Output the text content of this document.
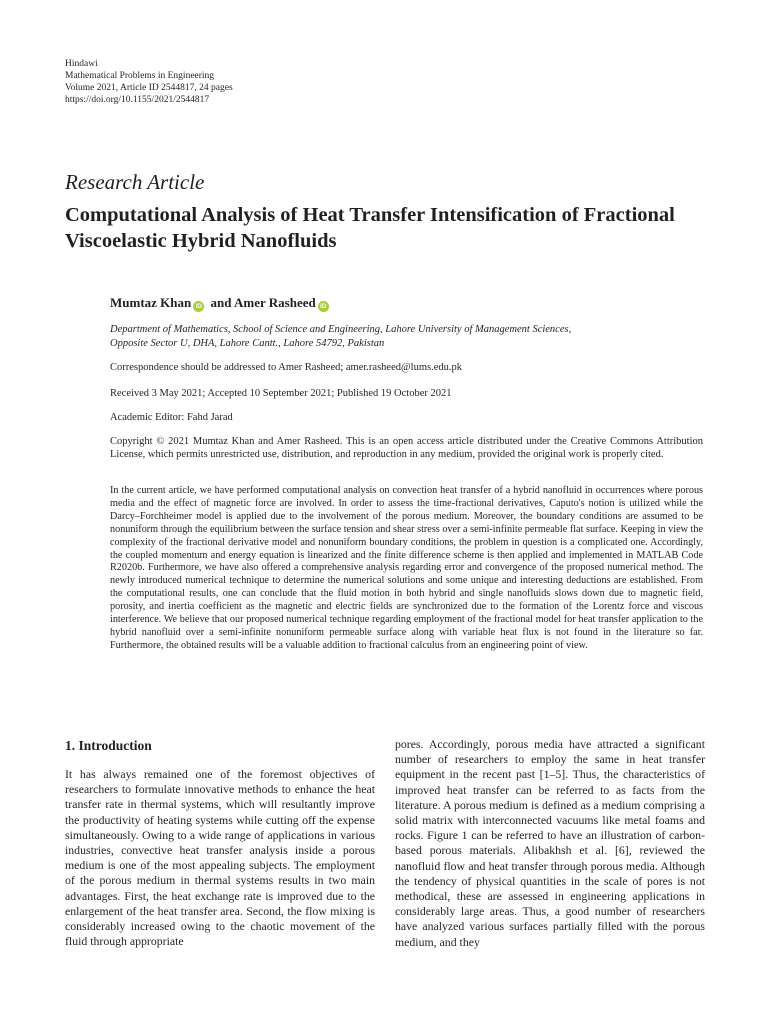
Hindawi
Mathematical Problems in Engineering
Volume 2021, Article ID 2544817, 24 pages
https://doi.org/10.1155/2021/2544817
Research Article
Computational Analysis of Heat Transfer Intensification of Fractional Viscoelastic Hybrid Nanofluids
Mumtaz Khan iD and Amer Rasheed iD
Department of Mathematics, School of Science and Engineering, Lahore University of Management Sciences,
Opposite Sector U, DHA, Lahore Cantt., Lahore 54792, Pakistan
Correspondence should be addressed to Amer Rasheed; amer.rasheed@lums.edu.pk
Received 3 May 2021; Accepted 10 September 2021; Published 19 October 2021
Academic Editor: Fahd Jarad
Copyright © 2021 Mumtaz Khan and Amer Rasheed. This is an open access article distributed under the Creative Commons Attribution License, which permits unrestricted use, distribution, and reproduction in any medium, provided the original work is properly cited.
In the current article, we have performed computational analysis on convection heat transfer of a hybrid nanofluid in occurrences where porous media and the effect of magnetic force are involved. In order to assess the time-fractional derivatives, Caputo's notion is utilized while the Darcy–Forchheimer model is applied due to the involvement of the porous medium. Moreover, the boundary conditions are assumed to be nonuniform through the equilibrium between the surface tension and shear stress over a semi-infinite permeable flat surface. Keeping in view the complexity of the fractional derivative model and nonuniform boundary conditions, the problem in question is a complicated one. Accordingly, the coupled momentum and energy equation is linearized and the finite difference scheme is then applied and implemented in MATLAB Code R2020b. Furthermore, we have also offered a comprehensive analysis regarding error and convergence of the proposed numerical method. The newly introduced numerical technique to determine the numerical solutions and some unique and interesting deductions are established. From the computational results, one can conclude that the fluid motion in both hybrid and single nanofluids slows down due to magnetic field, porosity, and inertia coefficient as the magnetic and electric fields are synchronized due to the formation of the Lorentz force and viscous interference. We believe that our proposed numerical technique regarding employment of the fractional model for heat transfer application to the hybrid nanofluid over a semi-infinite nonuniform permeable surface along with variable heat flux is not found in the literature so far. Furthermore, the obtained results will be a valuable addition to fractional calculus from an engineering point of view.
1. Introduction
It has always remained one of the foremost objectives of researchers to formulate innovative methods to enhance the heat transfer rate in thermal systems, which will resultantly improve the productivity of heating systems while cutting off the expense simultaneously. Owing to a wide range of applications in various industries, convective heat transfer analysis inside a porous medium is one of the most appealing subjects. The employment of the porous medium in thermal systems results in two main advantages. First, the heat exchange rate is improved due to the enlargement of the heat transfer area. Second, the flow mixing is considerably increased owing to the chaotic movement of the fluid through appropriate
pores. Accordingly, porous media have attracted a significant number of researchers to employ the same in heat transfer equipment in the recent past [1–5]. Thus, the characteristics of improved heat transfer can be referred to as facts from the literature. A porous medium is defined as a medium comprising a solid matrix with interconnected vacuums like metal foams and rocks. Figure 1 can be referred to have an illustration of carbon-based porous materials. Alibakhsh et al. [6], reviewed the nanofluid flow and heat transfer through porous media. Although the tendency of physical quantities in the scale of pores is not methodical, these are assessed in engineering applications in considerably large areas. Thus, a good number of researchers have analyzed various surfaces partially filled with the porous medium, and they
